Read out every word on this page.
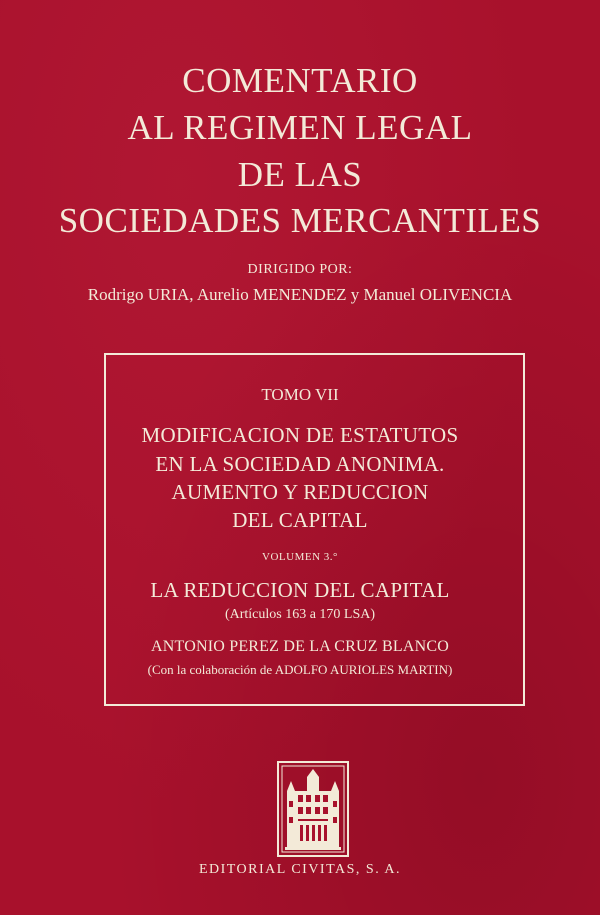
COMENTARIO
AL REGIMEN LEGAL
DE LAS
SOCIEDADES MERCANTILES
DIRIGIDO POR:
Rodrigo URIA, Aurelio MENENDEZ y Manuel OLIVENCIA
TOMO VII
MODIFICACION DE ESTATUTOS
EN LA SOCIEDAD ANONIMA.
AUMENTO Y REDUCCION
DEL CAPITAL
VOLUMEN 3.°
LA REDUCCION DEL CAPITAL
(Artículos 163 a 170 LSA)
ANTONIO PEREZ DE LA CRUZ BLANCO
(Con la colaboración de ADOLFO AURIOLES MARTIN)
EDITORIAL CIVITAS, S. A.
